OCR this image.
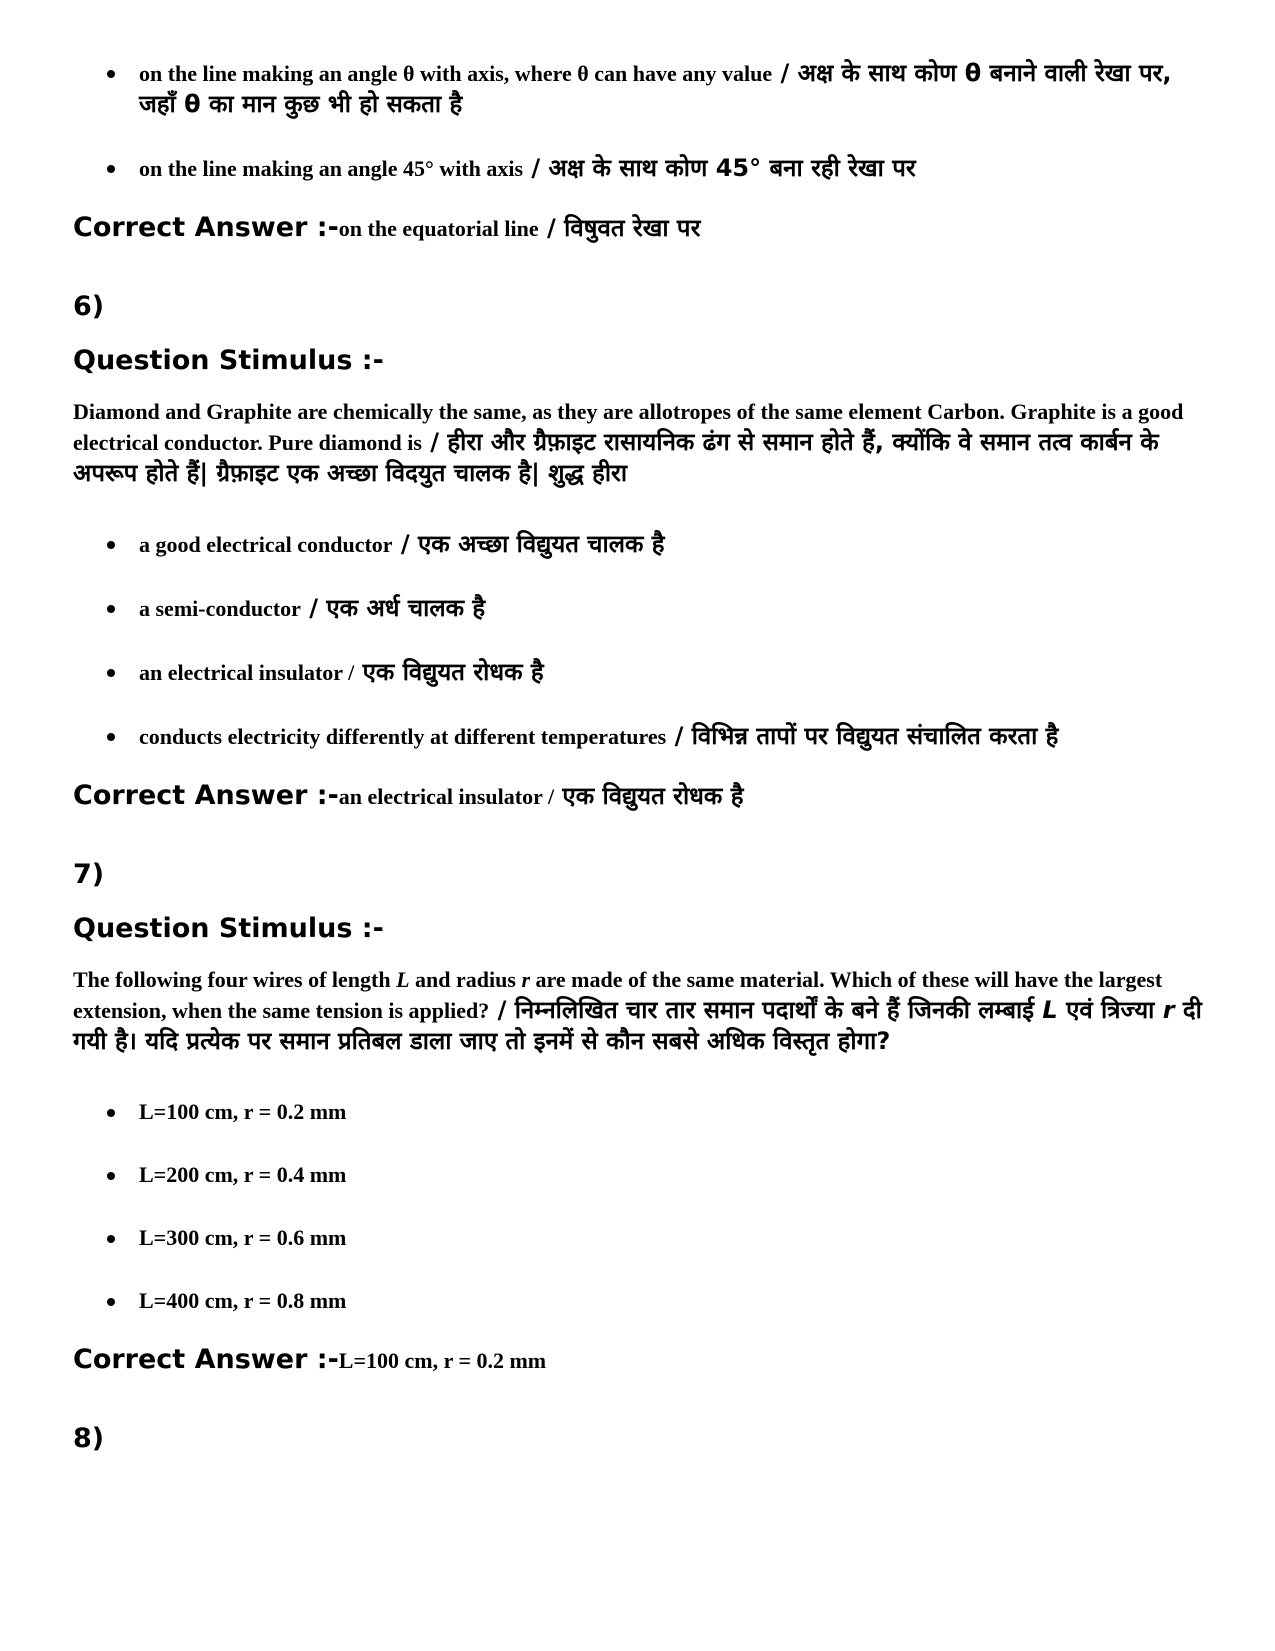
on the line making an angle θ with axis, where θ can have any value / अक्ष के साथ कोण θ बनाने वाली रेखा पर, जहाँ θ का मान कुछ भी हो सकता है
on the line making an angle 45° with axis / अक्ष के साथ कोण 45° बना रही रेखा पर
Correct Answer :-on the equatorial line / विषुवत रेखा पर
6)
Question Stimulus :-
Diamond and Graphite are chemically the same, as they are allotropes of the same element Carbon. Graphite is a good electrical conductor. Pure diamond is / हीरा और ग्रैफ़ाइट रासायनिक ढंग से समान होते हैं, क्योंकि वे समान तत्व कार्बन के अपरूप होते हैं| ग्रैफ़ाइट एक अच्छा विदयुत चालक है| शुद्ध हीरा
a good electrical conductor / एक अच्छा विद्युयत चालक है
a semi-conductor / एक अर्ध चालक है
an electrical insulator / एक विद्युयत रोधक है
conducts electricity differently at different temperatures / विभिन्न तापों पर विद्युयत संचालित करता है
Correct Answer :-an electrical insulator / एक विद्युयत रोधक है
7)
Question Stimulus :-
The following four wires of length L and radius r are made of the same material. Which of these will have the largest extension, when the same tension is applied? / निम्नलिखित चार तार समान पदार्थों के बने हैं जिनकी लम्बाई L एवं त्रिज्या r दी गयी है। यदि प्रत्येक पर समान प्रतिबल डाला जाए तो इनमें से कौन सबसे अधिक विस्तृत होगा?
L=100 cm, r = 0.2 mm
L=200 cm, r = 0.4 mm
L=300 cm, r = 0.6 mm
L=400 cm, r = 0.8 mm
Correct Answer :-L=100 cm, r = 0.2 mm
8)
